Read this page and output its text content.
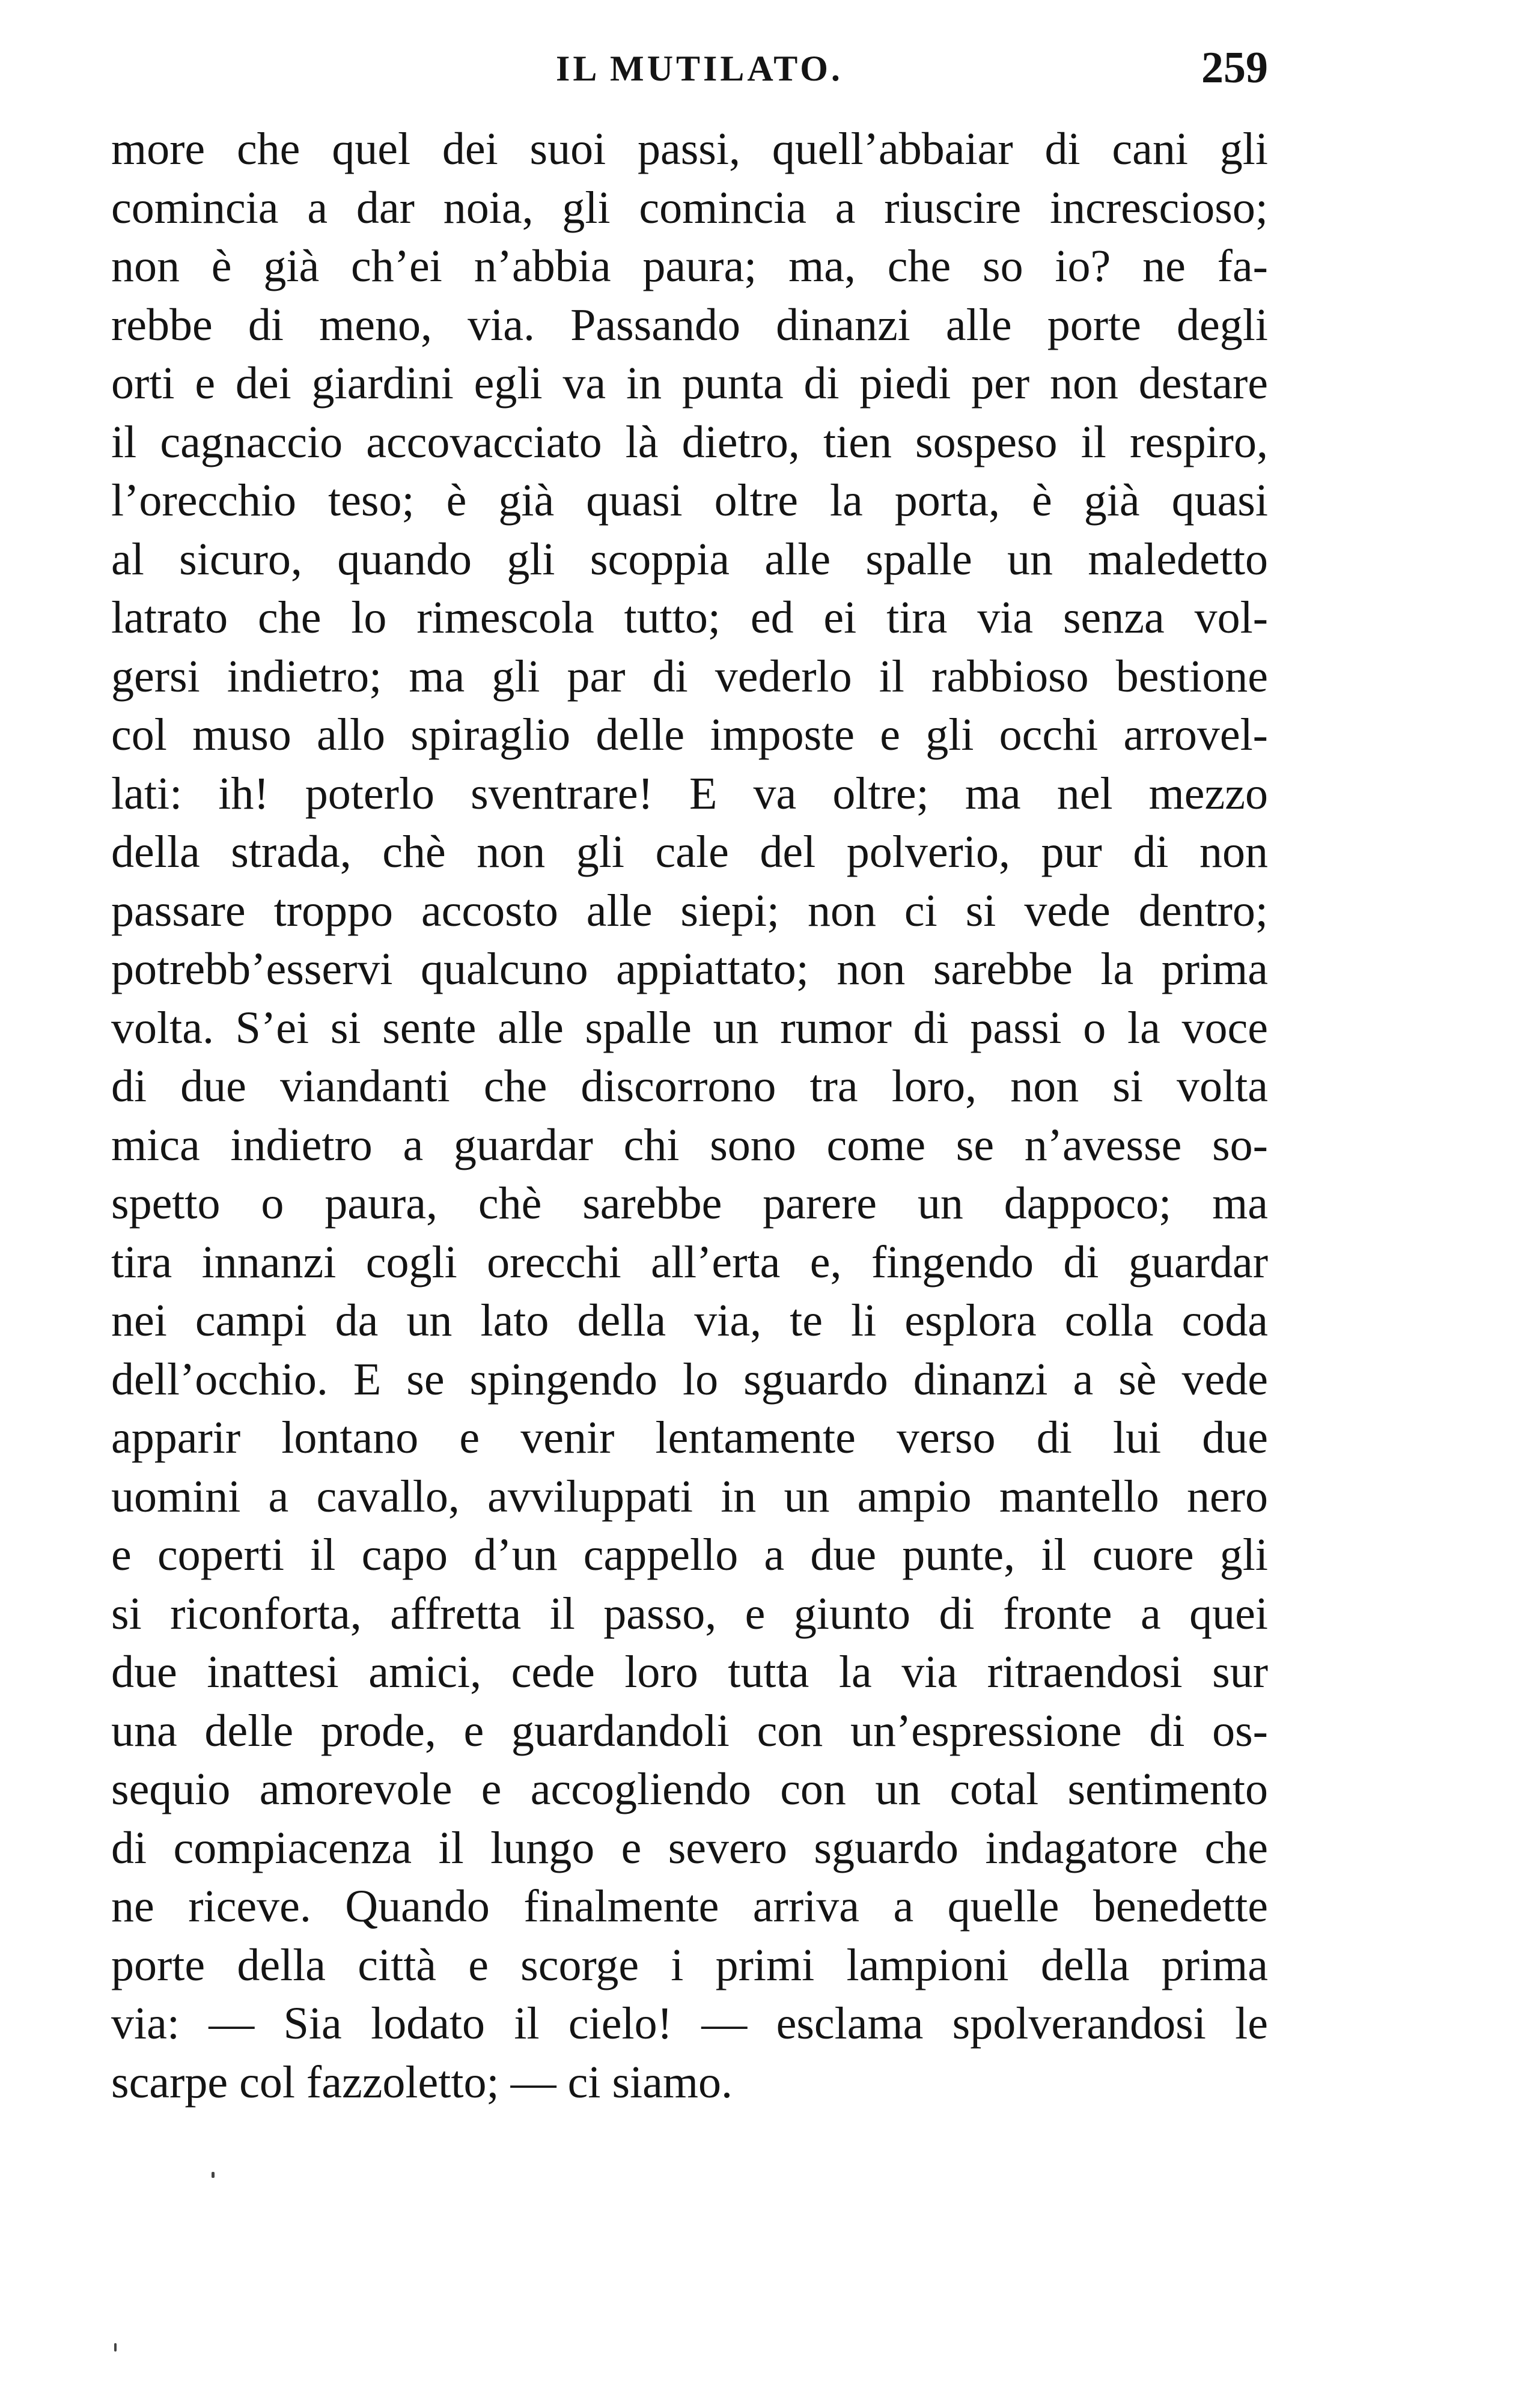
IL MUTILATO.	259
more che quel dei suoi passi, quell’abbaiar di cani gli
comincia a dar noia, gli comincia a riuscire increscioso;
non è già ch’ei n’abbia paura; ma, che so io? ne fa-
rebbe di meno, via. Passando dinanzi alle porte degli
orti e dei giardini egli va in punta di piedi per non destare
il cagnaccio accovacciato là dietro, tien sospeso il respiro,
l’orecchio teso; è già quasi oltre la porta, è già quasi
al sicuro, quando gli scoppia alle spalle un maledetto
latrato che lo rimescola tutto; ed ei tira via senza vol-
gersi indietro; ma gli par di vederlo il rabbioso bestione
col muso allo spiraglio delle imposte e gli occhi arrovel-
lati: ih! poterlo sventrare! E va oltre; ma nel mezzo
della strada, chè non gli cale del polverio, pur di non
passare troppo accosto alle siepi; non ci si vede dentro;
potrebb’esservi qualcuno appiattato; non sarebbe la prima
volta. S’ei si sente alle spalle un rumor di passi o la voce
di due viandanti che discorrono tra loro, non si volta
mica indietro a guardar chi sono come se n’avesse so-
spetto o paura, chè sarebbe parere un dappoco; ma
tira innanzi cogli orecchi all’erta e, fingendo di guardar
nei campi da un lato della via, te li esplora colla coda
dell’occhio. E se spingendo lo sguardo dinanzi a sè vede
apparir lontano e venir lentamente verso di lui due
uomini a cavallo, avviluppati in un ampio mantello nero
e coperti il capo d’un cappello a due punte, il cuore gli
si riconforta, affretta il passo, e giunto di fronte a quei
due inattesi amici, cede loro tutta la via ritraendosi sur
una delle prode, e guardandoli con un’espressione di os-
sequio amorevole e accogliendo con un cotal sentimento
di compiacenza il lungo e severo sguardo indagatore che
ne riceve. Quando finalmente arriva a quelle benedette
porte della città e scorge i primi lampioni della prima
via: — Sia lodato il cielo! — esclama spolverandosi le
scarpe col fazzoletto; — ci siamo.
